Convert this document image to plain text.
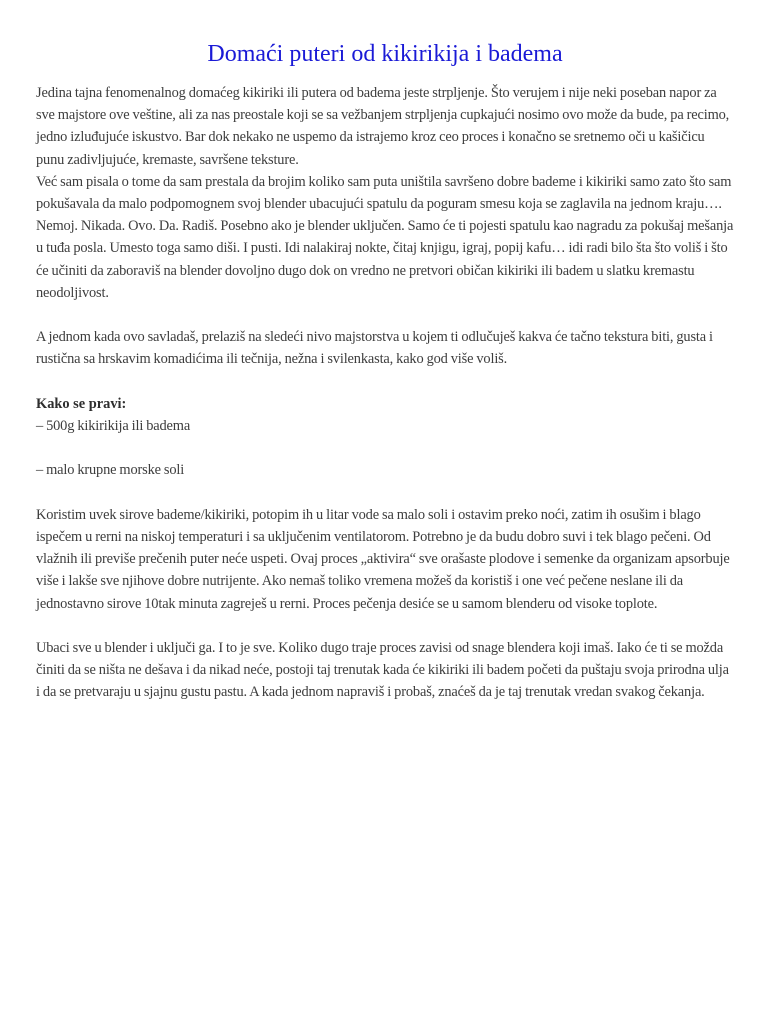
Domaći puteri od kikirikija i badema

Jedina tajna fenomenalnog domaćeg kikiriki ili putera od badema jeste strpljenje. Što verujem i nije neki poseban napor za sve majstore ove veštine, ali za nas preostale koji se sa vežbanjem strpljenja cupkajući nosimo ovo može da bude, pa recimo, jedno izluđujuće iskustvo. Bar dok nekako ne uspemo da istrajemo kroz ceo proces i konačno se sretnemo oči u kašičicu punu zadivljujuće, kremaste, savršene teksture.

Već sam pisala o tome da sam prestala da brojim koliko sam puta uništila savršeno dobre bademe i kikiriki samo zato što sam pokušavala da malo podpomognem svoj blender ubacujući spatulu da poguram smesu koja se zaglavila na jednom kraju…. Nemoj. Nikada. Ovo. Da. Radiš. Posebno ako je blender uključen. Samo će ti pojesti spatulu kao nagradu za pokušaj mešanja u tuđa posla. Umesto toga samo diši. I pusti. Idi nalakiraj nokte, čitaj knjigu, igraj, popij kafu… idi radi bilo šta što voliš i što će učiniti da zaboraviš na blender dovoljno dugo dok on vredno ne pretvori običan kikiriki ili badem u slatku kremastu neodoljivost.

A jednom kada ovo savladaš, prelaziš na sledeći nivo majstorstva u kojem ti odlučuješ kakva će tačno tekstura biti, gusta i rustična sa hrskavim komadićima ili tečnija, nežna i svilenkasta, kako god više voliš.

Kako se pravi:

– 500g kikirikija ili badema

– malo krupne morske soli

Koristim uvek sirove bademe/kikiriki, potopim ih u litar vode sa malo soli i ostavim preko noći, zatim ih osušim i blago ispečem u rerni na niskoj temperaturi i sa uključenim ventilatorom. Potrebno je da budu dobro suvi i tek blago pečeni. Od vlažnih ili previše prečenih puter neće uspeti. Ovaj proces „aktivira“ sve orašaste plodove i semenke da organizam apsorbuje više i lakše sve njihove dobre nutrijente. Ako nemaš toliko vremena možeš da koristiš i one već pečene neslane ili da jednostavno sirove 10tak minuta zagreješ u rerni. Proces pečenja desiće se u samom blenderu od visoke toplote.

Ubaci sve u blender i uključi ga. I to je sve. Koliko dugo traje proces zavisi od snage blendera koji imaš. Iako će ti se možda činiti da se ništa ne dešava i da nikad neće, postoji taj trenutak kada će kikiriki ili badem početi da puštaju svoja prirodna ulja i da se pretvaraju u sjajnu gustu pastu. A kada jednom napraviš i probaš, znaćeš da je taj trenutak vredan svakog čekanja.
